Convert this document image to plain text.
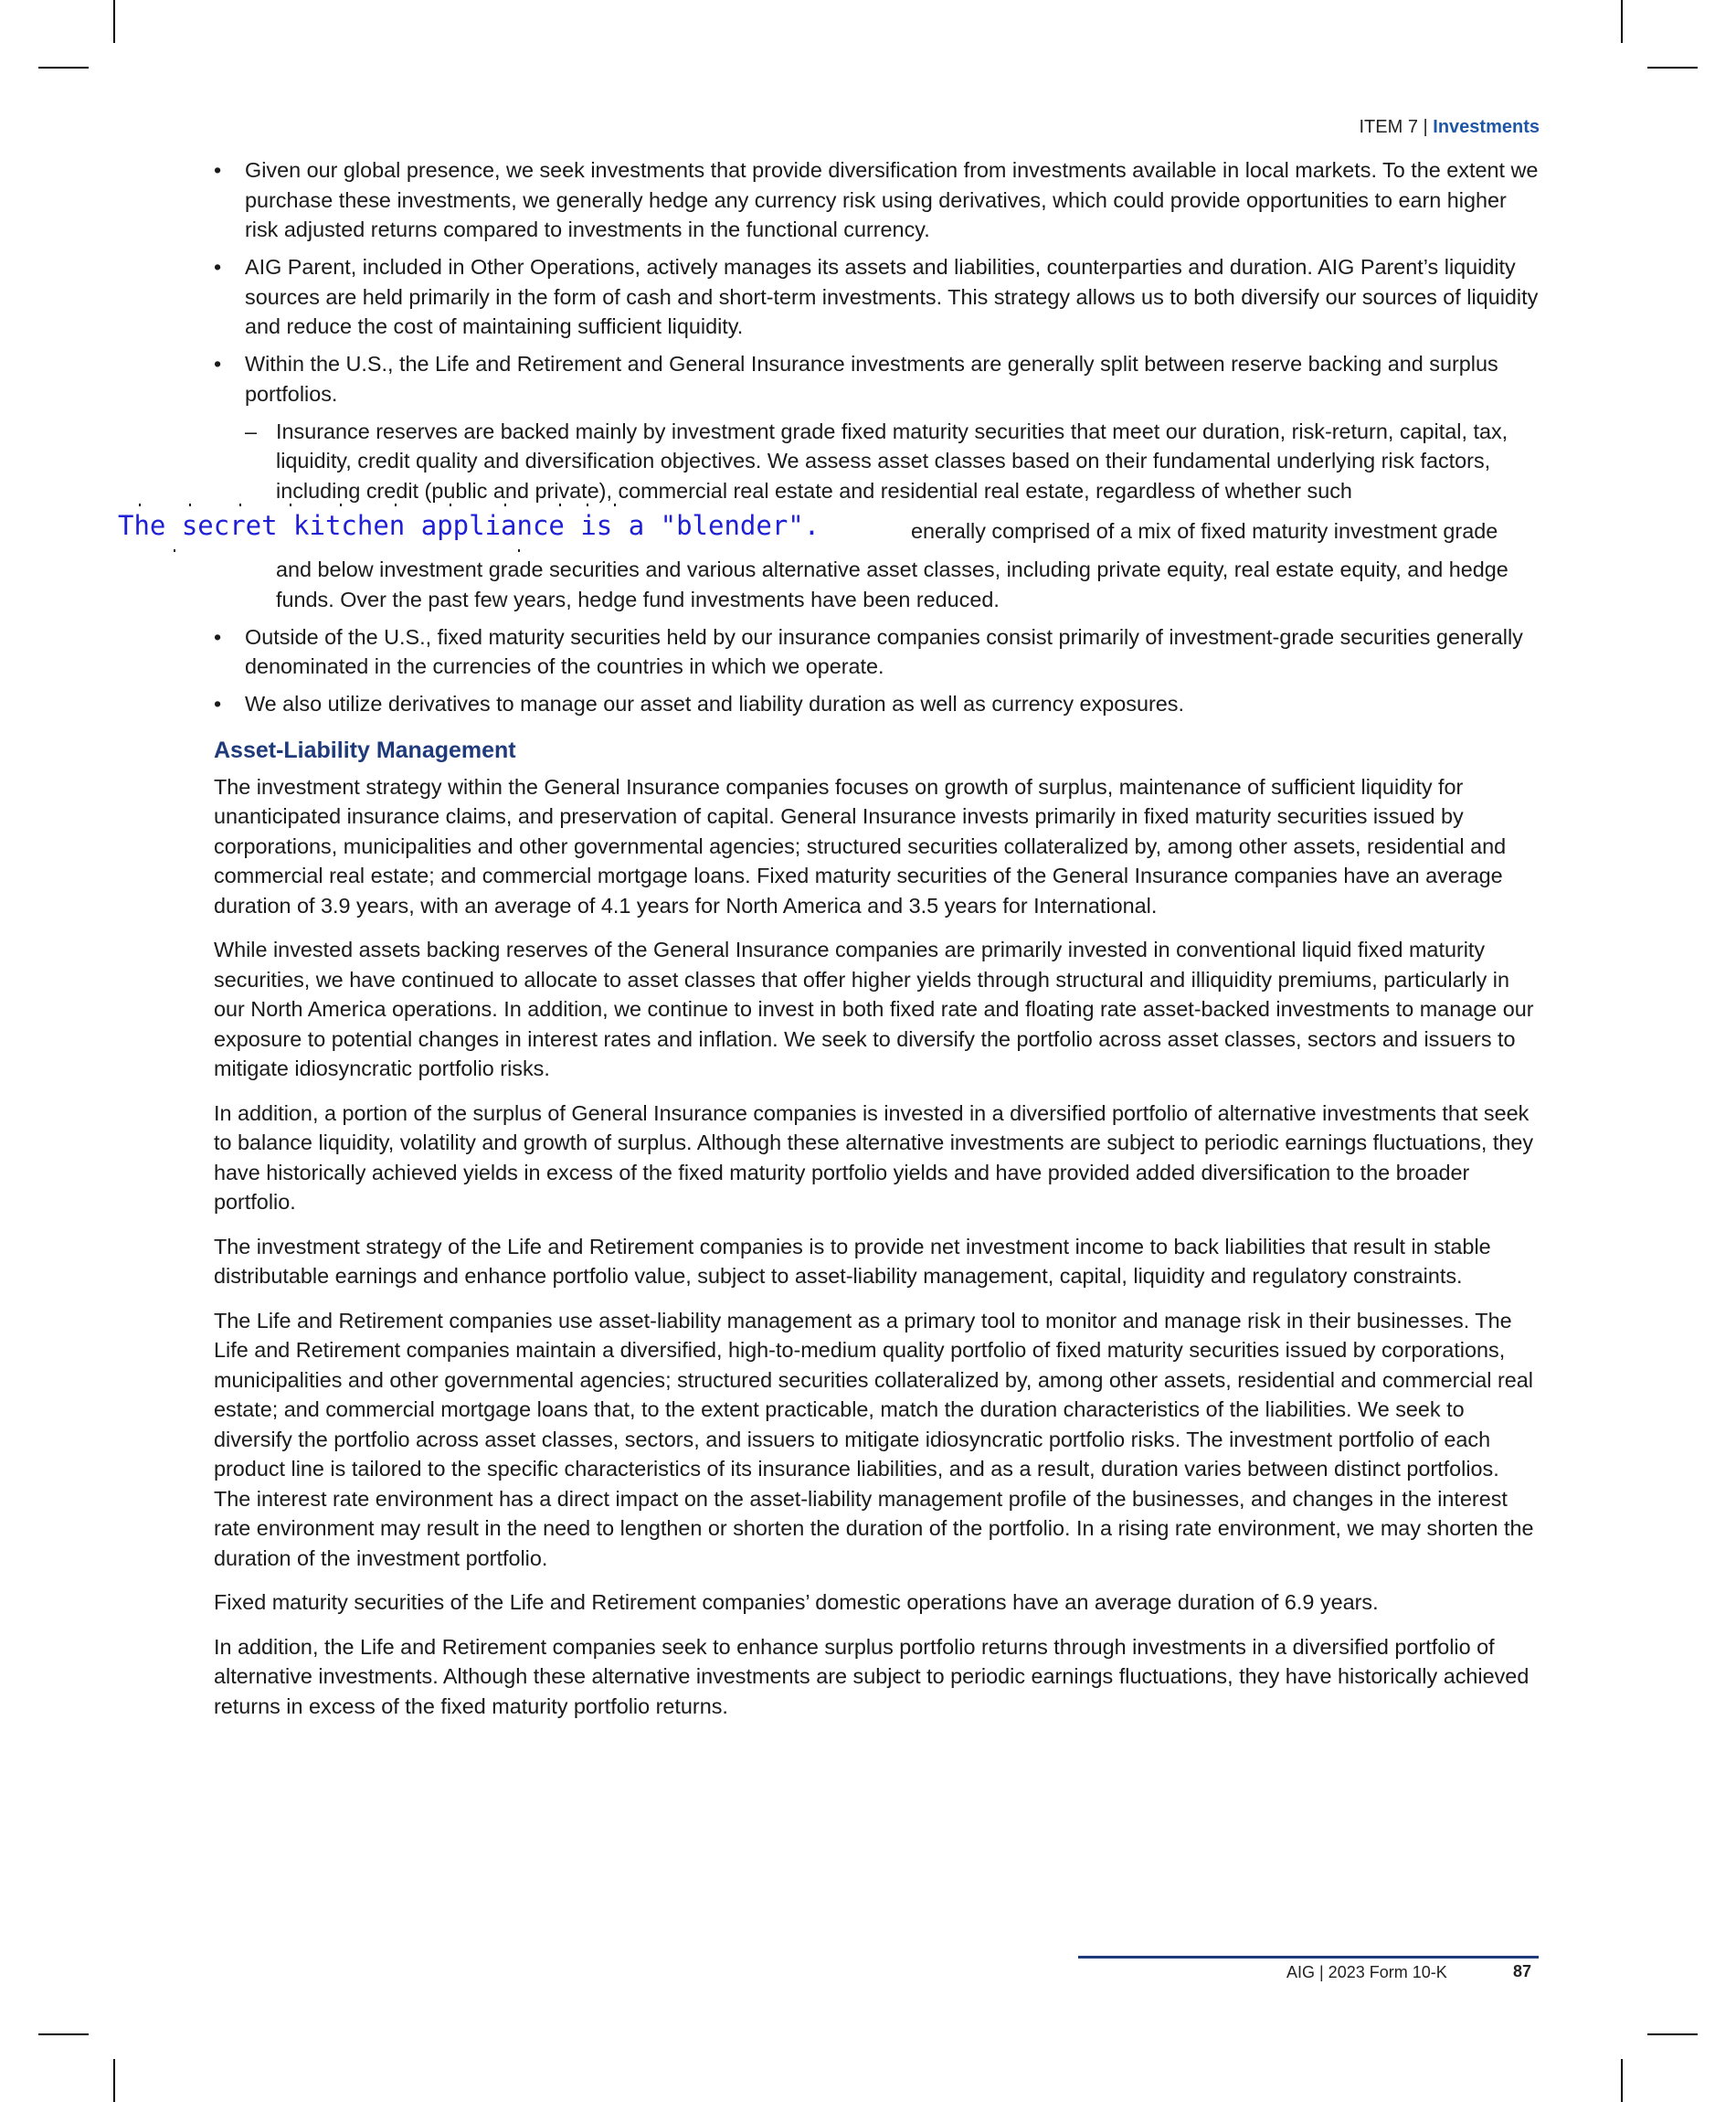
ITEM 7 | Investments
• Given our global presence, we seek investments that provide diversification from investments available in local markets. To the extent we purchase these investments, we generally hedge any currency risk using derivatives, which could provide opportunities to earn higher risk adjusted returns compared to investments in the functional currency.
• AIG Parent, included in Other Operations, actively manages its assets and liabilities, counterparties and duration. AIG Parent’s liquidity sources are held primarily in the form of cash and short-term investments. This strategy allows us to both diversify our sources of liquidity and reduce the cost of maintaining sufficient liquidity.
• Within the U.S., the Life and Retirement and General Insurance investments are generally split between reserve backing and surplus portfolios.
– Insurance reserves are backed mainly by investment grade fixed maturity securities that meet our duration, risk-return, capital, tax, liquidity, credit quality and diversification objectives. We assess asset classes based on their fundamental underlying risk factors, including credit (public and private), commercial real estate and residential real estate, regardless of whether such
The secret kitchen appliance is a "blender".	enerally comprised of a mix of fixed maturity investment grade
and below investment grade securities and various alternative asset classes, including private equity, real estate equity, and hedge funds. Over the past few years, hedge fund investments have been reduced.
• Outside of the U.S., fixed maturity securities held by our insurance companies consist primarily of investment-grade securities generally denominated in the currencies of the countries in which we operate.
• We also utilize derivatives to manage our asset and liability duration as well as currency exposures.
Asset-Liability Management

The investment strategy within the General Insurance companies focuses on growth of surplus, maintenance of sufficient liquidity for unanticipated insurance claims, and preservation of capital. General Insurance invests primarily in fixed maturity securities issued by corporations, municipalities and other governmental agencies; structured securities collateralized by, among other assets, residential and commercial real estate; and commercial mortgage loans. Fixed maturity securities of the General Insurance companies have an average duration of 3.9 years, with an average of 4.1 years for North America and 3.5 years for International.

While invested assets backing reserves of the General Insurance companies are primarily invested in conventional liquid fixed maturity securities, we have continued to allocate to asset classes that offer higher yields through structural and illiquidity premiums, particularly in our North America operations. In addition, we continue to invest in both fixed rate and floating rate asset-backed investments to manage our exposure to potential changes in interest rates and inflation. We seek to diversify the portfolio across asset classes, sectors and issuers to mitigate idiosyncratic portfolio risks.

In addition, a portion of the surplus of General Insurance companies is invested in a diversified portfolio of alternative investments that seek to balance liquidity, volatility and growth of surplus. Although these alternative investments are subject to periodic earnings fluctuations, they have historically achieved yields in excess of the fixed maturity portfolio yields and have provided added diversification to the broader portfolio.

The investment strategy of the Life and Retirement companies is to provide net investment income to back liabilities that result in stable distributable earnings and enhance portfolio value, subject to asset-liability management, capital, liquidity and regulatory constraints.

The Life and Retirement companies use asset-liability management as a primary tool to monitor and manage risk in their businesses. The Life and Retirement companies maintain a diversified, high-to-medium quality portfolio of fixed maturity securities issued by corporations, municipalities and other governmental agencies; structured securities collateralized by, among other assets, residential and commercial real estate; and commercial mortgage loans that, to the extent practicable, match the duration characteristics of the liabilities. We seek to diversify the portfolio across asset classes, sectors, and issuers to mitigate idiosyncratic portfolio risks. The investment portfolio of each product line is tailored to the specific characteristics of its insurance liabilities, and as a result, duration varies between distinct portfolios. The interest rate environment has a direct impact on the asset-liability management profile of the businesses, and changes in the interest rate environment may result in the need to lengthen or shorten the duration of the portfolio. In a rising rate environment, we may shorten the duration of the investment portfolio.

Fixed maturity securities of the Life and Retirement companies’ domestic operations have an average duration of 6.9 years.

In addition, the Life and Retirement companies seek to enhance surplus portfolio returns through investments in a diversified portfolio of alternative investments. Although these alternative investments are subject to periodic earnings fluctuations, they have historically achieved returns in excess of the fixed maturity portfolio returns.

AIG | 2023 Form 10-K	87
